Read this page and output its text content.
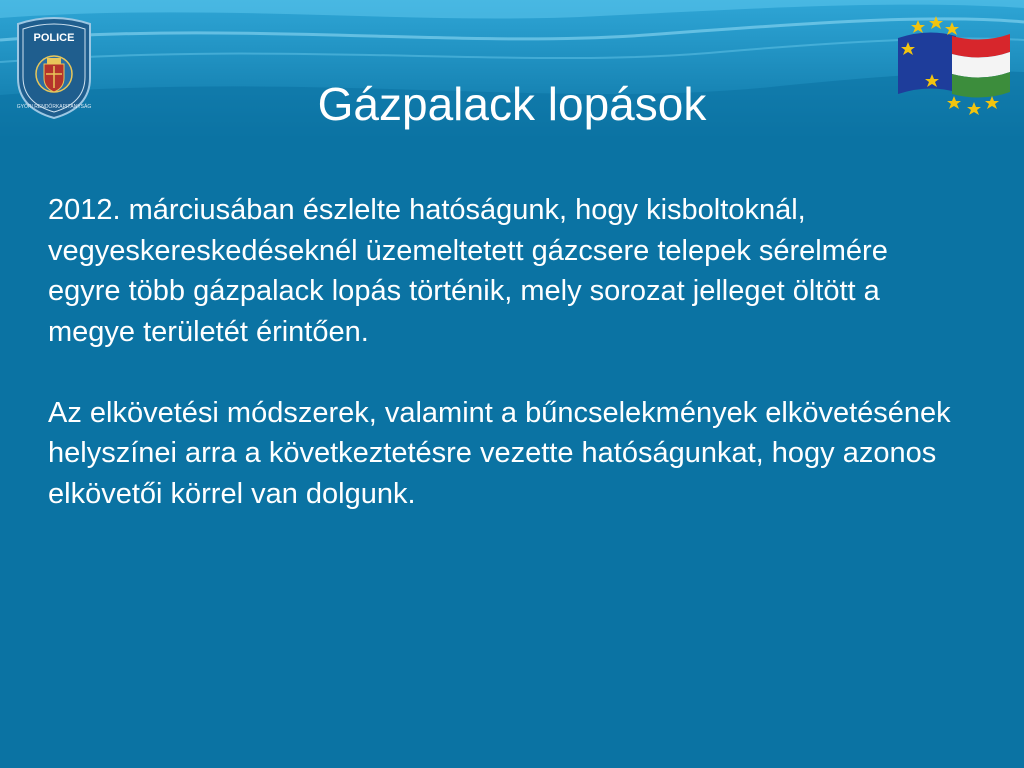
POLICE
GYŐRI RENDŐRKAPITÁNYSÁG	Gázpalack lopások

2012. márciusában észlelte hatóságunk, hogy kisboltoknál, vegyeskereskedéseknél üzemeltetett gázcsere telepek sérelmére egyre több gázpalack lopás történik, mely sorozat jelleget öltött a megye területét érintően.

Az elkövetési módszerek, valamint a bűncselekmények elkövetésének helyszínei arra a következtetésre vezette hatóságunkat, hogy azonos elkövetői körrel van dolgunk.
